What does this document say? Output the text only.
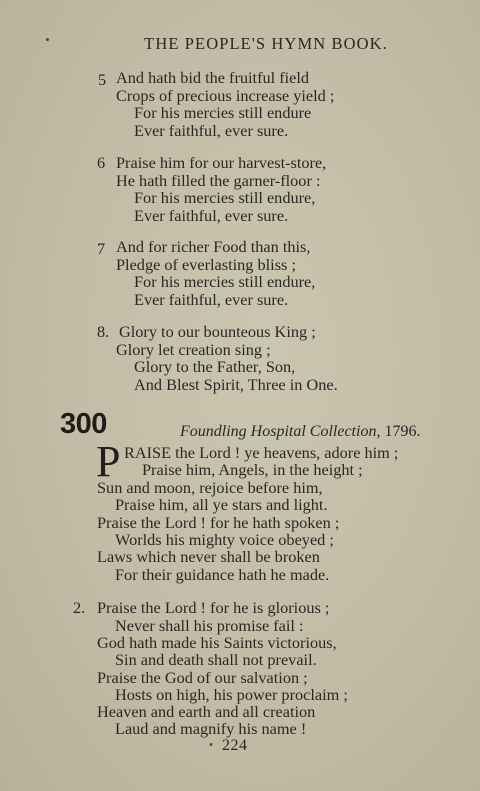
THE PEOPLE'S HYMN BOOK.
5 And hath bid the fruitful field
Crops of precious increase yield ;
For his mercies still endure
Ever faithful, ever sure.
6 Praise him for our harvest-store,
He hath filled the garner-floor :
For his mercies still endure,
Ever faithful, ever sure.
7 And for richer Food than this,
Pledge of everlasting bliss ;
For his mercies still endure,
Ever faithful, ever sure.
8. Glory to our bounteous King ;
Glory let creation sing ;
Glory to the Father, Son,
And Blest Spirit, Three in One.
300	Foundling Hospital Collection, 1796.
P RAISE the Lord ! ye heavens, adore him ;
Praise him, Angels, in the height ;
Sun and moon, rejoice before him,
Praise him, all ye stars and light.
Praise the Lord ! for he hath spoken ;
Worlds his mighty voice obeyed ;
Laws which never shall be broken
For their guidance hath he made.
2. Praise the Lord ! for he is glorious ;
Never shall his promise fail :
God hath made his Saints victorious,
Sin and death shall not prevail.
Praise the God of our salvation ;
Hosts on high, his power proclaim ;
Heaven and earth and all creation
Laud and magnify his name !
224
